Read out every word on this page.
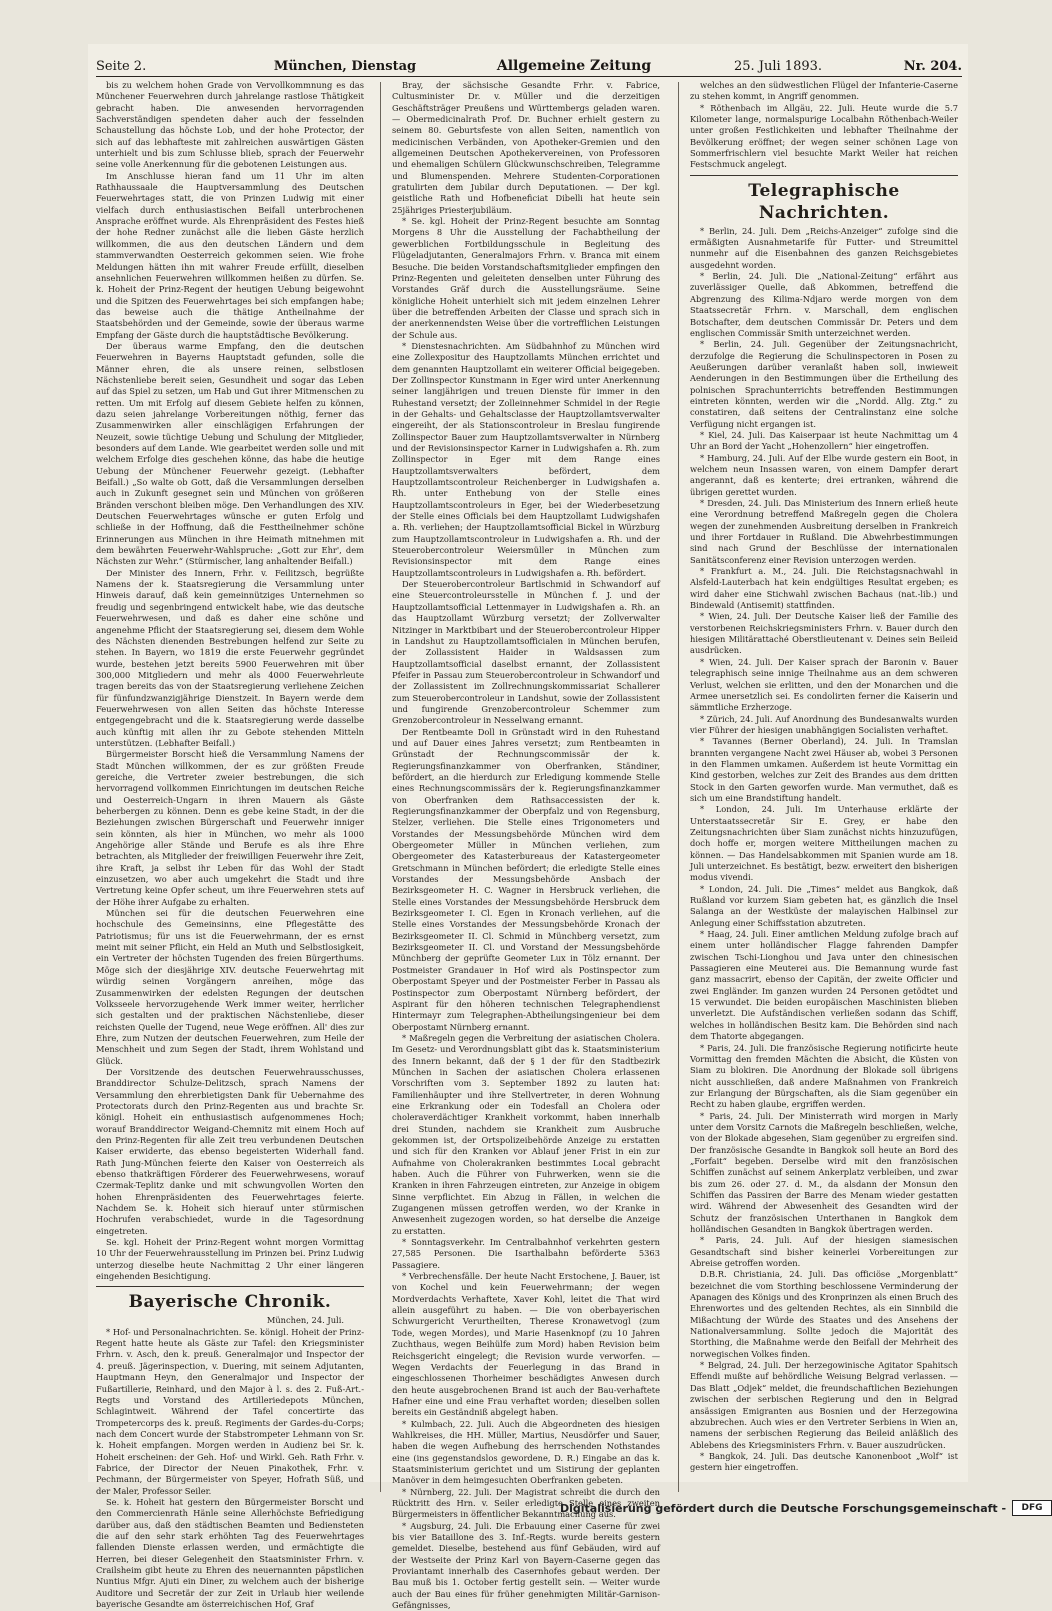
Seite 2.	München, Dienstag	Allgemeine Zeitung	25. Juli 1893.	Nr. 204.

bis zu welchem hohen Grade von Vervollkommnung es das Münchener Feuerwehren durch jahrelange rastlose Thätigkeit gebracht haben. Die anwesenden hervorragenden Sachverständigen spendeten daher auch der fesselnden Schaustellung das höchste Lob, und der hohe Protector, der sich auf das lebhafteste mit zahlreichen auswärtigen Gästen unterhielt und bis zum Schlusse blieb, sprach der Feuerwehr seine volle Anerkennung für die gebotenen Leistungen aus.

Im Anschlusse hieran fand um 11 Uhr im alten Rathhaussaale die Hauptversammlung des Deutschen Feuerwehrtages statt, die von Prinzen Ludwig mit einer vielfach durch enthusiastischen Beifall unterbrochenen Ansprache eröffnet wurde. Als Ehrenpräsident des Festes hieß der hohe Redner zunächst alle die lieben Gäste herzlich willkommen, die aus den deutschen Ländern und dem stammverwandten Oesterreich gekommen seien. Wie frohe Meldungen hätten ihn mit wahrer Freude erfüllt, dieselben ansehnlichen Feuerwehren willkommen heißen zu dürfen. Se. k. Hoheit der Prinz-Regent der heutigen Uebung beigewohnt und die Spitzen des Feuerwehrtages bei sich empfangen habe; das beweise auch die thätige Antheilnahme der Staatsbehörden und der Gemeinde, sowie der überaus warme Empfang der Gäste durch die hauptstädtische Bevölkerung.

Der überaus warme Empfang, den die deutschen Feuerwehren in Bayerns Hauptstadt gefunden, solle die Männer ehren, die als unsere reinen, selbstlosen Nächstenliebe bereit seien, Gesundheit und sogar das Leben auf das Spiel zu setzen, um Hab und Gut ihrer Mitmenschen zu retten. Um mit Erfolg auf diesem Gebiete helfen zu können, dazu seien jahrelange Vorbereitungen nöthig, ferner das Zusammenwirken aller einschlägigen Erfahrungen der Neuzeit, sowie tüchtige Uebung und Schulung der Mitglieder, besonders auf dem Lande. Wie gearbeitet werden solle und mit welchem Erfolge dies geschehen könne, das habe die heutige Uebung der Münchener Feuerwehr gezeigt. (Lebhafter Beifall.) „So walte ob Gott, daß die Versammlungen derselben auch in Zukunft gesegnet sein und München von größeren Bränden verschont bleiben möge. Den Verhandlungen des XIV. Deutschen Feuerwehrtages wünsche er guten Erfolg und schließe in der Hoffnung, daß die Festtheilnehmer schöne Erinnerungen aus München in ihre Heimath mitnehmen mit dem bewährten Feuerwehr-Wahlspruche: „Gott zur Ehr', dem Nächsten zur Wehr.“ (Stürmischer, lang anhaltender Beifall.)

Der Minister des Innern, Frhr. v. Feilitzsch, begrüßte Namens der k. Staatsregierung die Versammlung unter Hinweis darauf, daß kein gemeinnütziges Unternehmen so freudig und segenbringend entwickelt habe, wie das deutsche Feuerwehrwesen, und daß es daher eine schöne und angenehme Pflicht der Staatsregierung sei, diesem dem Wohle des Nächsten dienenden Bestrebungen helfend zur Seite zu stehen. In Bayern, wo 1819 die erste Feuerwehr gegründet wurde, bestehen jetzt bereits 5900 Feuerwehren mit über 300,000 Mitgliedern und mehr als 4000 Feuerwehrleute tragen bereits das von der Staatsregierung verliehene Zeichen für fünfundzwanzigjährige Dienstzeit. In Bayern werde dem Feuerwehrwesen von allen Seiten das höchste Interesse entgegengebracht und die k. Staatsregierung werde dasselbe auch künftig mit allen ihr zu Gebote stehenden Mitteln unterstützen. (Lebhafter Beifall.)

Bürgermeister Borscht hieß die Versammlung Namens der Stadt München willkommen, der es zur größten Freude gereiche, die Vertreter zweier bestrebungen, die sich hervorragend vollkommen Einrichtungen im deutschen Reiche und Oesterreich-Ungarn in ihren Mauern als Gäste beherbergen zu können. Denn es gebe keine Stadt, in der die Beziehungen zwischen Bürgerschaft und Feuerwehr inniger sein könnten, als hier in München, wo mehr als 1000 Angehörige aller Stände und Berufe es als ihre Ehre betrachten, als Mitglieder der freiwilligen Feuerwehr ihre Zeit, ihre Kraft, ja selbst ihr Leben für das Wohl der Stadt einzusetzen, wo aber auch umgekehrt die Stadt und ihre Vertretung keine Opfer scheut, um ihre Feuerwehren stets auf der Höhe ihrer Aufgabe zu erhalten.

München sei für die deutschen Feuerwehren eine hochschule des Gemeinsinns, eine Pflegestätte des Patriotismus; für uns ist die Feuerwehrmann, der es ernst meint mit seiner Pflicht, ein Held an Muth und Selbstlosigkeit, ein Vertreter der höchsten Tugenden des freien Bürgerthums. Möge sich der diesjährige XIV. deutsche Feuerwehrtag mit würdig seinen Vorgängern anreihen, möge das Zusammenwirken der edelsten Regungen der deutschen Volksseele hervorzugehende Werk immer weiter, herrlicher sich gestalten und der praktischen Nächstenliebe, dieser reichsten Quelle der Tugend, neue Wege eröffnen. All' dies zur Ehre, zum Nutzen der deutschen Feuerwehren, zum Heile der Menschheit und zum Segen der Stadt, ihrem Wohlstand und Glück.

Der Vorsitzende des deutschen Feuerwehrausschusses, Branddirector Schulze-Delitzsch, sprach Namens der Versammlung den ehrerbietigsten Dank für Uebernahme des Protectorats durch den Prinz-Regenten aus und brachte Sr. königl. Hoheit ein enthusiastisch aufgenommenes Hoch; worauf Branddirector Weigand-Chemnitz mit einem Hoch auf den Prinz-Regenten für alle Zeit treu verbundenen Deutschen Kaiser erwiderte, das ebenso begeisterten Widerhall fand. Rath Jung-München feierte den Kaiser von Oesterreich als ebenso thatkräftigen Förderer des Feuerwehrwesens, worauf Czermak-Teplitz danke und mit schwungvollen Worten den hohen Ehrenpräsidenten des Feuerwehrtages feierte. Nachdem Se. k. Hoheit sich hierauf unter stürmischen Hochrufen verabschiedet, wurde in die Tagesordnung eingetreten.

Se. kgl. Hoheit der Prinz-Regent wohnt morgen Vormittag 10 Uhr der Feuerwehrausstellung im Prinzen bei. Prinz Ludwig unterzog dieselbe heute Nachmittag 2 Uhr einer längeren eingehenden Besichtigung.

Bayerische Chronik.
München, 24. Juli.

* Hof- und Personalnachrichten. Se. königl. Hoheit der Prinz-Regent hatte heute als Gäste zur Tafel: den Kriegsminister Frhrn. v. Asch, den k. preuß. Generalmajor und Inspector der 4. preuß. Jägerinspection, v. Duering, mit seinem Adjutanten, Hauptmann Heyn, den Generalmajor und Inspector der Fußartillerie, Reinhard, und den Major à l. s. des 2. Fuß-Art.-Regts und Vorstand des Artilleriedepots München, Schlagintweit. Während der Tafel concertirte das Trompetercorps des k. preuß. Regiments der Gardes-du-Corps; nach dem Concert wurde der Stabstrompeter Lehmann von Sr. k. Hoheit empfangen. Morgen werden in Audienz bei Sr. k. Hoheit erscheinen: der Geh. Hof- und Wirkl. Geh. Rath Frhr. v. Fabrice, der Director der Neuen Pinakothek, Frhr. v. Pechmann, der Bürgermeister von Speyer, Hofrath Süß, und der Maler, Professor Seiler.

Se. k. Hoheit hat gestern den Bürgermeister Borscht und den Commercienrath Hänle seine Allerhöchste Befriedigung darüber aus, daß den städtischen Beamten und Bediensteten die auf den sehr stark erhöhten Tag des Feuerwehrtages fallenden Dienste erlassen werden, und ermächtigte die Herren, bei dieser Gelegenheit den Staatsminister Frhrn. v. Crailsheim gibt heute zu Ehren des neuernannten päpstlichen Nuntius Mfgr. Ajuti ein Diner, zu welchem auch der bisherige Auditore und Secretär der zur Zeit in Urlaub hier weilende bayerische Gesandte am österreichischen Hof, Graf

Bray, der sächsische Gesandte Frhr. v. Fabrice, Cultusminister Dr. v. Müller und die derzeitigen Geschäftsträger Preußens und Württembergs geladen waren. — Obermedicinalrath Prof. Dr. Buchner erhielt gestern zu seinem 80. Geburtsfeste von allen Seiten, namentlich von medicinischen Verbänden, von Apotheker-Gremien und den allgemeinen Deutschen Apothekervereinen, von Professoren und ehemaligen Schülern Glückwunschschreiben, Telegramme und Blumenspenden. Mehrere Studenten-Corporationen gratulirten dem Jubilar durch Deputationen. — Der kgl. geistliche Rath und Hofbeneficiat Dibelli hat heute sein 25jähriges Priesterjubiläum.

* Se. kgl. Hoheit der Prinz-Regent besuchte am Sonntag Morgens 8 Uhr die Ausstellung der Fachabtheilung der gewerblichen Fortbildungsschule in Begleitung des Flügeladjutanten, Generalmajors Frhrn. v. Branca mit einem Besuche. Die beiden Vorstandschaftsmitglieder empfingen den Prinz-Regenten und geleiteten denselben unter Führung des Vorstandes Gräf durch die Ausstellungsräume. Seine königliche Hoheit unterhielt sich mit jedem einzelnen Lehrer über die betreffenden Arbeiten der Classe und sprach sich in der anerkennendsten Weise über die vortrefflichen Leistungen der Schule aus.

* Dienstesnachrichten. Am Südbahnhof zu München wird eine Zollexpositur des Hauptzollamts München errichtet und dem genannten Hauptzollamt ein weiterer Official beigegeben. Der Zollinspector Kunstmann in Eger wird unter Anerkennung seiner langjährigen und treuen Dienste für immer in den Ruhestand versetzt; der Zolleinnehmer Schmidel in der Regie in der Gehalts- und Gehaltsclasse der Hauptzollamtsverwalter eingereiht, der als Stationscontroleur in Breslau fungirende Zollinspector Bauer zum Hauptzollamtsverwalter in Nürnberg und der Revisionsinspector Karner in Ludwigshafen a. Rh. zum Zollinspector in Eger mit dem Range eines Hauptzollamtsverwalters befördert, dem Hauptzollamtscontroleur Reichenberger in Ludwigshafen a. Rh. unter Enthebung von der Stelle eines Hauptzollamtscontroleurs in Eger, bei der Wiederbesetzung der Stelle eines Officials bei dem Hauptzollamt Ludwigshafen a. Rh. verliehen; der Hauptzollamtsofficial Bickel in Würzburg zum Hauptzollamtscontroleur in Ludwigshafen a. Rh. und der Steuerobercontroleur Weiersmüller in München zum Revisionsinspector mit dem Range eines Hauptzollamtscontroleurs in Ludwigshafen a. Rh. befördert.

Der Steuerobercontroleur Bartlschmid in Schwandorf auf eine Steuercontroleursstelle in München f. J. und der Hauptzollamtsofficial Lettenmayer in Ludwigshafen a. Rh. an das Hauptzollamt Würzburg versetzt; der Zollverwalter Nitzinger in Marktbibart und der Steuerobercontroleur Hipper in Landshut zu Hauptzollamtsofficialen in München berufen, der Zollassistent Haider in Waldsassen zum Hauptzollamtsofficial daselbst ernannt, der Zollassistent Pfeifer in Passau zum Steuerobercontroleur in Schwandorf und der Zollassistent im Zollrechnungskommissariat Schallerer zum Steuerobercontroleur in Landshut, sowie der Zollassistent und fungirende Grenzobercontroleur Schemmer zum Grenzobercontroleur in Nesselwang ernannt.

Der Rentbeamte Doll in Grünstadt wird in den Ruhestand und auf Dauer eines Jahres versetzt; zum Rentbeamten in Grünstadt der Rechnungscommissär der k. Regierungsfinanzkammer von Oberfranken, Ständiner, befördert, an die hierdurch zur Erledigung kommende Stelle eines Rechnungscommissärs der k. Regierungsfinanzkammer von Oberfranken dem Rathsaccessisten der k. Regierungsfinanzkammer der Oberpfalz und von Regensburg, Stelzer, verliehen. Die Stelle eines Trigonometers und Vorstandes der Messungsbehörde München wird dem Obergeometer Müller in München verliehen, zum Obergeometer des Katasterbureaus der Katastergeometer Gretschmann in München befördert; die erledigte Stelle eines Vorstandes der Messungsbehörde Ansbach der Bezirksgeometer H. C. Wagner in Hersbruck verliehen, die Stelle eines Vorstandes der Messungsbehörde Hersbruck dem Bezirksgeometer I. Cl. Egen in Kronach verliehen, auf die Stelle eines Vorstandes der Messungsbehörde Kronach der Bezirksgeometer II. Cl. Schmid in Münchberg versetzt, zum Bezirksgeometer II. Cl. und Vorstand der Messungsbehörde Münchberg der geprüfte Geometer Lux in Tölz ernannt. Der Postmeister Grandauer in Hof wird als Postinspector zum Oberpostamt Speyer und der Postmeister Ferber in Passau als Postinspector zum Oberpostamt Nürnberg befördert, der Aspirant für den höheren technischen Telegraphendienst Hintermayr zum Telegraphen-Abtheilungsingenieur bei dem Oberpostamt Nürnberg ernannt.

* Maßregeln gegen die Verbreitung der asiatischen Cholera. Im Gesetz- und Verordnungsblatt gibt das k. Staatsministerium des Innern bekannt, daß der § 1 der für den Stadtbezirk München in Sachen der asiatischen Cholera erlassenen Vorschriften vom 3. September 1892 zu lauten hat: Familienhäupter und ihre Stellvertreter, in deren Wohnung eine Erkrankung oder ein Todesfall an Cholera oder choleraverdächtiger Krankheit vorkommt, haben innerhalb drei Stunden, nachdem sie Krankheit zum Ausbruche gekommen ist, der Ortspolizeibehörde Anzeige zu erstatten und sich für den Kranken vor Ablauf jener Frist in ein zur Aufnahme von Cholerakranken bestimmtes Local gebracht haben. Auch die Führer von Fuhrwerken, wenn sie die Kranken in ihren Fahrzeugen eintreten, zur Anzeige in obigem Sinne verpflichtet. Ein Abzug in Fällen, in welchen die Zugangenen müssen getroffen werden, wo der Kranke in Anwesenheit zugezogen worden, so hat derselbe die Anzeige zu erstatten.

* Sonntagsverkehr. Im Centralbahnhof verkehrten gestern 27,585 Personen. Die Isarthalbahn beförderte 5363 Passagiere.

* Verbrechensfälle. Der heute Nacht Erstochene, J. Bauer, ist von Kochel und kein Feuerwehrmann; der wegen Mordverdachts Verhaftete, Xaver Kohl, leitet die That wird allein ausgeführt zu haben. — Die von oberbayerischen Schwurgericht Verurtheilten, Therese Kronawetvogl (zum Tode, wegen Mordes), und Marie Hasenknopf (zu 10 Jahren Zuchthaus, wegen Beihülfe zum Mord) haben Revision beim Reichsgericht eingelegt; die Revision wurde verworfen. — Wegen Verdachts der Feuerlegung in das Brand in eingeschlossenen Thorheimer beschädigtes Anwesen durch den heute ausgebrochenen Brand ist auch der Bau-verhaftete Hafner eine und eine Frau verhaftet worden; dieselben sollen bereits ein Geständniß abgelegt haben.

* Kulmbach, 22. Juli. Auch die Abgeordneten des hiesigen Wahlkreises, die HH. Müller, Martius, Neusdörfer und Sauer, haben die wegen Aufhebung des herrschenden Nothstandes eine (ins gegenstandslos gewordene, D. R.) Eingabe an das k. Staatsministerium gerichtet und um Sistirung der geplanten Manöver in dem heimgesuchten Oberfranken gebeten.

* Nürnberg, 22. Juli. Der Magistrat schreibt die durch den Rücktritt des Hrn. v. Seiler erledigte Stelle eines zweiten Bürgermeisters in öffentlicher Bekanntmachung aus.

* Augsburg, 24. Juli. Die Erbauung einer Caserne für zwei bis vier Bataillone des 3. Inf.-Regts. wurde bereits gestern gemeldet. Dieselbe, bestehend aus fünf Gebäuden, wird auf der Westseite der Prinz Karl von Bayern-Caserne gegen das Proviantamt innerhalb des Casernhofes gebaut werden. Der Bau muß bis 1. October fertig gestellt sein. — Weiter wurde auch der Bau eines für früher genehmigten Militär-Garnison-Gefängnisses,

welches an den südwestlichen Flügel der Infanterie-Caserne zu stehen kommt, in Angriff genommen.

* Röthenbach im Allgäu, 22. Juli. Heute wurde die 5.7 Kilometer lange, normalspurige Localbahn Röthenbach-Weiler unter großen Festlichkeiten und lebhafter Theilnahme der Bevölkerung eröffnet; der wegen seiner schönen Lage von Sommerfrischlern viel besuchte Markt Weiler hat reichen Festschmuck angelegt.

Telegraphische Nachrichten.

* Berlin, 24. Juli. Dem „Reichs-Anzeiger“ zufolge sind die ermäßigten Ausnahmetarife für Futter- und Streumittel nunmehr auf die Eisenbahnen des ganzen Reichsgebietes ausgedehnt worden.

* Berlin, 24. Juli. Die „National-Zeitung“ erfährt aus zuverlässiger Quelle, daß Abkommen, betreffend die Abgrenzung des Kilima-Ndjaro werde morgen von dem Staatssecretär Frhrn. v. Marschall, dem englischen Botschafter, dem deutschen Commissär Dr. Peters und dem englischen Commissär Smith unterzeichnet werden.

* Berlin, 24. Juli. Gegenüber der Zeitungsnachricht, derzufolge die Regierung die Schulinspectoren in Posen zu Aeußerungen darüber veranlaßt haben soll, inwieweit Aenderungen in den Bestimmungen über die Ertheilung des polnischen Sprachunterrichts betreffenden Bestimmungen eintreten könnten, werden wir die „Nordd. Allg. Ztg.“ zu constatiren, daß seitens der Centralinstanz eine solche Verfügung nicht ergangen ist.

* Kiel, 24. Juli. Das Kaiserpaar ist heute Nachmittag um 4 Uhr an Bord der Yacht „Hohenzollern“ hier eingetroffen.

* Hamburg, 24. Juli. Auf der Elbe wurde gestern ein Boot, in welchem neun Insassen waren, von einem Dampfer derart angerannt, daß es kenterte; drei ertranken, während die übrigen gerettet wurden.

* Dresden, 24. Juli. Das Ministerium des Innern erließ heute eine Verordnung betreffend Maßregeln gegen die Cholera wegen der zunehmenden Ausbreitung derselben in Frankreich und ihrer Fortdauer in Rußland. Die Abwehrbestimmungen sind nach Grund der Beschlüsse der internationalen Sanitätsconferenz einer Revision unterzogen werden.

* Frankfurt a. M., 24. Juli. Die Reichstagsnachwahl in Alsfeld-Lauterbach hat kein endgültiges Resultat ergeben; es wird daher eine Stichwahl zwischen Bachaus (nat.-lib.) und Bindewald (Antisemit) stattfinden.

* Wien, 24. Juli. Der Deutsche Kaiser ließ der Familie des verstorbenen Reichskriegsministers Frhrn. v. Bauer durch den hiesigen Militärattaché Oberstlieutenant v. Deines sein Beileid ausdrücken.

* Wien, 24. Juli. Der Kaiser sprach der Baronin v. Bauer telegraphisch seine innige Theilnahme aus an dem schweren Verlust, welchen sie erlitten, und den der Monarchen und die Armee unersetzlich sei. Es condolirten ferner die Kaiserin und sämmtliche Erzherzoge.

* Zürich, 24. Juli. Auf Anordnung des Bundesanwalts wurden vier Führer der hiesigen unabhängigen Socialisten verhaftet.

* Tavannes (Berner Oberland), 24. Juli. In Tramslan brannten vergangene Nacht zwei Häuser ab, wobei 3 Personen in den Flammen umkamen. Außerdem ist heute Vormittag ein Kind gestorben, welches zur Zeit des Brandes aus dem dritten Stock in den Garten geworfen wurde. Man vermuthet, daß es sich um eine Brandstiftung handelt.

* London, 24. Juli. Im Unterhause erklärte der Unterstaatssecretär Sir E. Grey, er habe den Zeitungsnachrichten über Siam zunächst nichts hinzuzufügen, doch hoffe er, morgen weitere Mittheilungen machen zu können. — Das Handelsabkommen mit Spanien wurde am 18. Juli unterzeichnet. Es bestätigt, bezw. erweitert den bisherigen modus vivendi.

* London, 24. Juli. Die „Times“ meldet aus Bangkok, daß Rußland vor kurzem Siam gebeten hat, es gänzlich die Insel Salanga an der Westküste der malayischen Halbinsel zur Anlegung einer Schiffsstation abzutreten.

* Haag, 24. Juli. Einer amtlichen Meldung zufolge brach auf einem unter holländischer Flagge fahrenden Dampfer zwischen Tschi-Lionghou und Java unter den chinesischen Passagieren eine Meuterei aus. Die Bemannung wurde fast ganz massacrirt, ebenso der Capitän, der zweite Officier und zwei Engländer. Im ganzen wurden 24 Personen getödtet und 15 verwundet. Die beiden europäischen Maschinisten blieben unverletzt. Die Aufständischen verließen sodann das Schiff, welches in holländischen Besitz kam. Die Behörden sind nach dem Thatorte abgegangen.

* Paris, 24. Juli. Die französische Regierung notificirte heute Vormittag den fremden Mächten die Absicht, die Küsten von Siam zu blokiren. Die Anordnung der Blokade soll übrigens nicht ausschließen, daß andere Maßnahmen von Frankreich zur Erlangung der Bürgschaften, als die Siam gegenüber ein Recht zu haben glaube, ergriffen werden.

* Paris, 24. Juli. Der Ministerrath wird morgen in Marly unter dem Vorsitz Carnots die Maßregeln beschließen, welche, von der Blokade abgesehen, Siam gegenüber zu ergreifen sind. Der französische Gesandte in Bangkok soll heute an Bord des „Forfait“ begeben. Derselbe wird mit den französischen Schiffen zunächst auf seinem Ankerplatz verbleiben, und zwar bis zum 26. oder 27. d. M., da alsdann der Monsun den Schiffen das Passiren der Barre des Menam wieder gestatten wird. Während der Abwesenheit des Gesandten wird der Schutz der französischen Unterthanen in Bangkok dem holländischen Gesandten in Bangkok übertragen werden.

* Paris, 24. Juli. Auf der hiesigen siamesischen Gesandtschaft sind bisher keinerlei Vorbereitungen zur Abreise getroffen worden.

D.B.R. Christiania, 24. Juli. Das officiöse „Morgenblatt“ bezeichnet die vom Storthing beschlossene Verminderung der Apanagen des Königs und des Kronprinzen als einen Bruch des Ehrenwortes und des geltenden Rechtes, als ein Sinnbild die Mißachtung der Würde des Staates und des Ansehens der Nationalversammlung. Sollte jedoch die Majorität des Storthing, die Maßnahme werde den Beifall der Mehrheit des norwegischen Volkes finden.

* Belgrad, 24. Juli. Der herzegowinische Agitator Spahitsch Effendi mußte auf behördliche Weisung Belgrad verlassen. — Das Blatt „Odjek“ meldet, die freundschaftlichen Beziehungen zwischen der serbischen Regierung und den in Belgrad ansässigen Emigranten aus Bosnien und der Herzegowina abzubrechen. Auch wies er den Vertreter Serbiens in Wien an, namens der serbischen Regierung das Beileid anläßlich des Ablebens des Kriegsministers Frhrn. v. Bauer auszudrücken.

* Bangkok, 24. Juli. Das deutsche Kanonenboot „Wolf“ ist gestern hier eingetroffen.

Digitalisierung gefördert durch die Deutsche Forschungsgemeinschaft -	DFG
